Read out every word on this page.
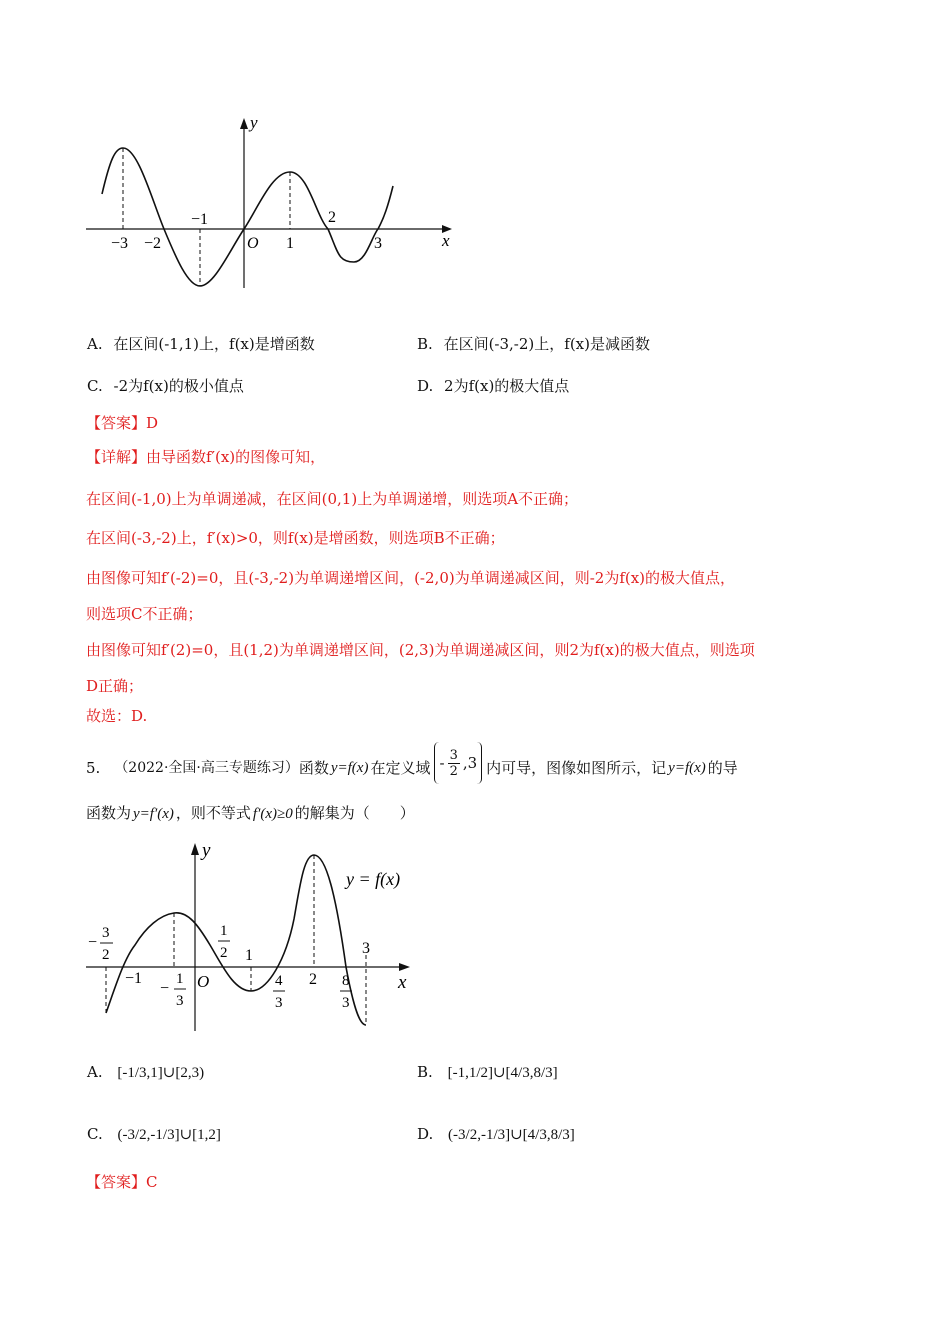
y
x
O
−3 −2
−1
1
2
3
A. 在区间(-1,1)上，f(x)是增函数	B. 在区间(-3,-2)上，f(x)是减函数
C. -2为f(x)的极小值点	D. 2为f(x)的极大值点
【答案】D
【详解】由导函数f′(x)的图像可知，
在区间(-1,0)上为单调递减，在区间(0,1)上为单调递增，则选项A不正确；
在区间(-3,-2)上，f′(x)>0，则f(x)是增函数，则选项B不正确；
由图像可知f′(-2)=0，且(-3,-2)为单调递增区间，(-2,0)为单调递减区间，则-2为f(x)的极大值点，
则选项C不正确；
由图像可知f′(2)=0，且(1,2)为单调递增区间，(2,3)为单调递减区间，则2为f(x)的极大值点，则选项
D正确；
故选：D.
5. （2022·全国·高三专题练习） 函数 y=f(x) 在定义域 - $\frac{3}{2} ,3$ 内可导，图像如图所示，记 y=f(x) 的导
函数为 y=f′(x) ，则不等式 f′(x)≥0 的解集为（　　）
y
x
O
y = f(x)
−
3
2
−1
−
1
3
1
2 1
4
3
2 8
3
3
A. [-1/3,1]∪[2,3)	B. [-1,1/2]∪[4/3,8/3]
C. (-3/2,-1/3]∪[1,2]	D. (-3/2,-1/3]∪[4/3,8/3]
【答案】C
